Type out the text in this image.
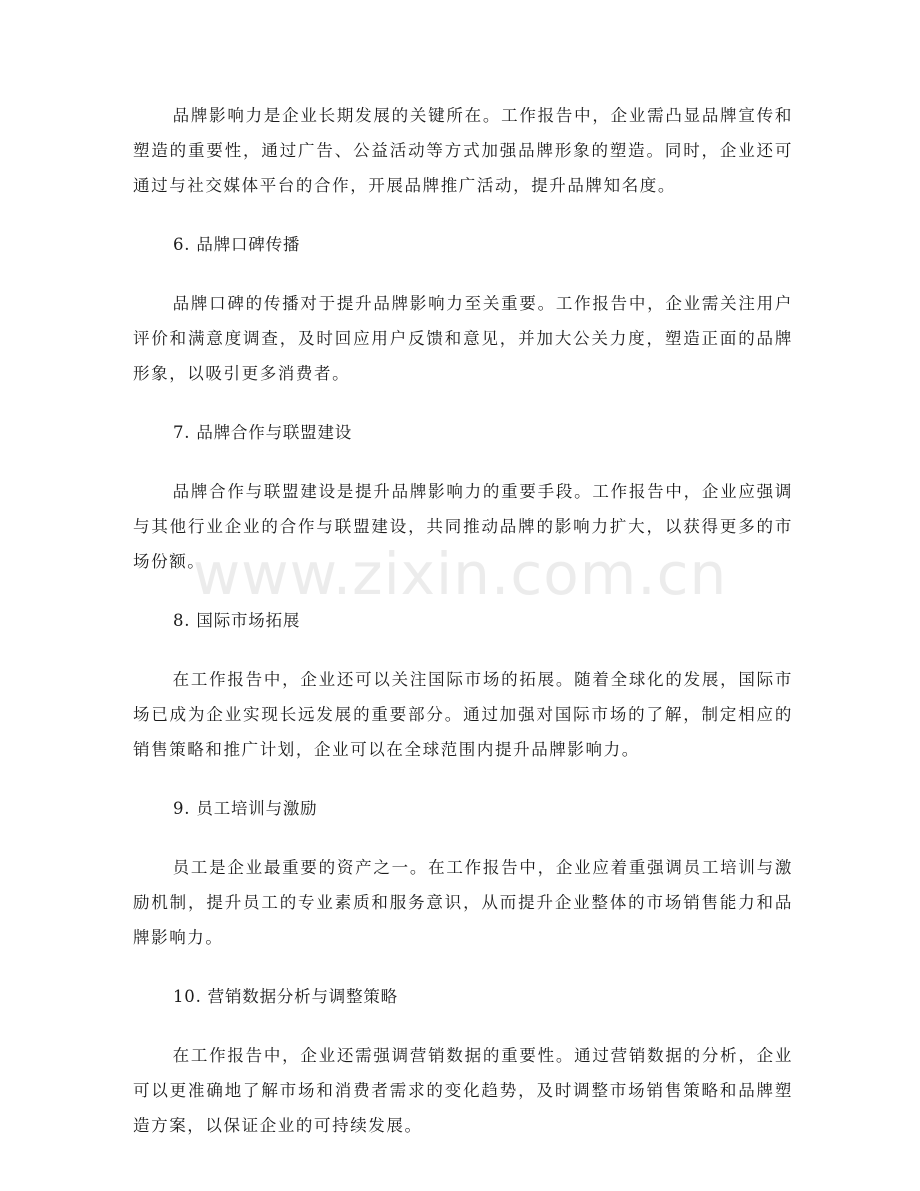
品牌影响力是企业长期发展的关键所在。工作报告中，企业需凸显品牌宣传和塑造的重要性，通过广告、公益活动等方式加强品牌形象的塑造。同时，企业还可通过与社交媒体平台的合作，开展品牌推广活动，提升品牌知名度。

6. 品牌口碑传播

品牌口碑的传播对于提升品牌影响力至关重要。工作报告中，企业需关注用户评价和满意度调查，及时回应用户反馈和意见，并加大公关力度，塑造正面的品牌形象，以吸引更多消费者。

7. 品牌合作与联盟建设

品牌合作与联盟建设是提升品牌影响力的重要手段。工作报告中，企业应强调与其他行业企业的合作与联盟建设，共同推动品牌的影响力扩大，以获得更多的市场份额。

8. 国际市场拓展

在工作报告中，企业还可以关注国际市场的拓展。随着全球化的发展，国际市场已成为企业实现长远发展的重要部分。通过加强对国际市场的了解，制定相应的销售策略和推广计划，企业可以在全球范围内提升品牌影响力。

9. 员工培训与激励

员工是企业最重要的资产之一。在工作报告中，企业应着重强调员工培训与激励机制，提升员工的专业素质和服务意识，从而提升企业整体的市场销售能力和品牌影响力。

10. 营销数据分析与调整策略

在工作报告中，企业还需强调营销数据的重要性。通过营销数据的分析，企业可以更准确地了解市场和消费者需求的变化趋势，及时调整市场销售策略和品牌塑造方案，以保证企业的可持续发展。

www.zixin.com.cn
